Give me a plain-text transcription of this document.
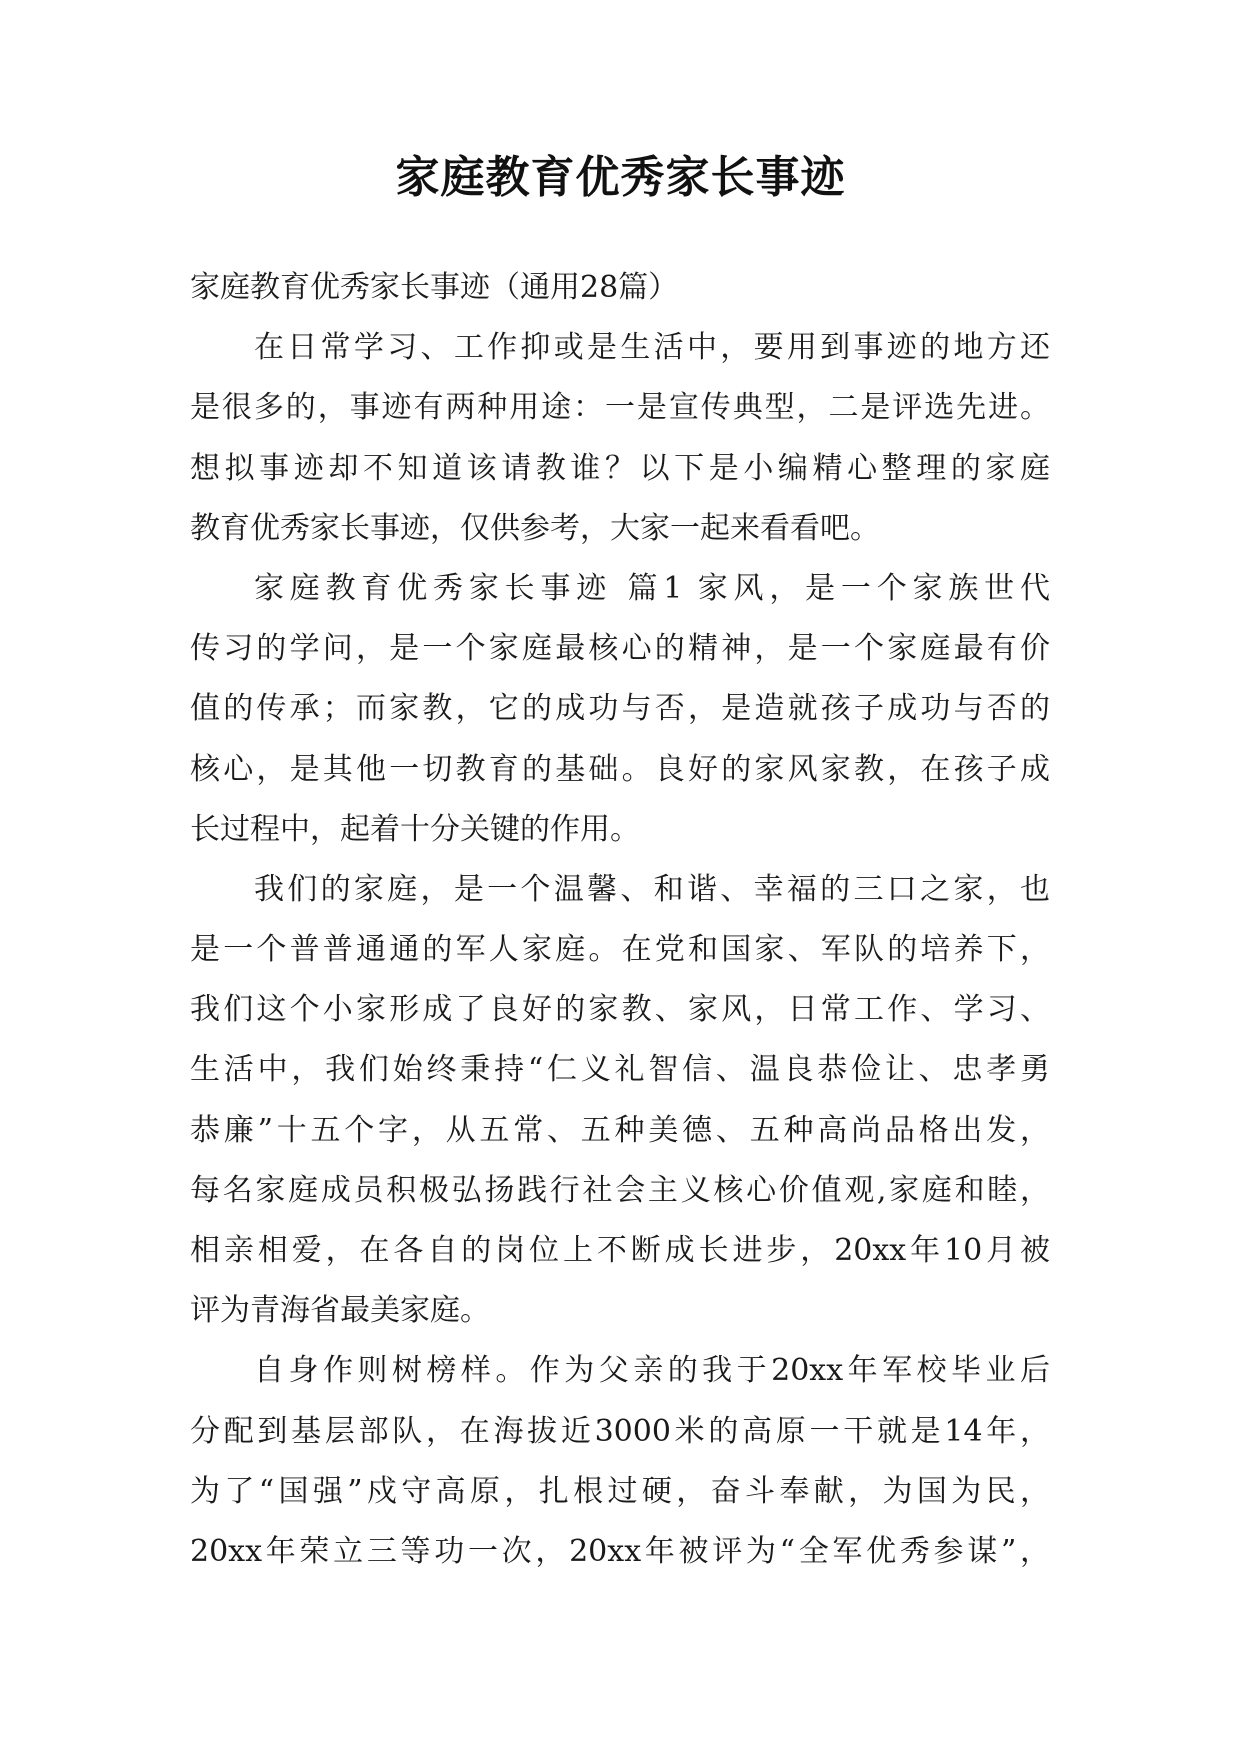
家庭教育优秀家长事迹
家庭教育优秀家长事迹（通用28篇）
在日常学习、工作抑或是生活中，要用到事迹的地方还
是很多的，事迹有两种用途：一是宣传典型，二是评选先进。
想拟事迹却不知道该请教谁？以下是小编精心整理的家庭
教育优秀家长事迹，仅供参考，大家一起来看看吧。
家庭教育优秀家长事迹 篇1 家风，是一个家族世代
传习的学问，是一个家庭最核心的精神，是一个家庭最有价
值的传承；而家教，它的成功与否，是造就孩子成功与否的
核心，是其他一切教育的基础。良好的家风家教，在孩子成
长过程中，起着十分关键的作用。
我们的家庭，是一个温馨、和谐、幸福的三口之家，也
是一个普普通通的军人家庭。在党和国家、军队的培养下，
我们这个小家形成了良好的家教、家风，日常工作、学习、
生活中，我们始终秉持“仁义礼智信、温良恭俭让、忠孝勇
恭廉”十五个字，从五常、五种美德、五种高尚品格出发，
每名家庭成员积极弘扬践行社会主义核心价值观,家庭和睦，
相亲相爱，在各自的岗位上不断成长进步，20xx年10月被
评为青海省最美家庭。
自身作则树榜样。作为父亲的我于20xx年军校毕业后
分配到基层部队，在海拔近3000米的高原一干就是14年，
为了“国强”戍守高原，扎根过硬，奋斗奉献，为国为民，
20xx年荣立三等功一次，20xx年被评为“全军优秀参谋”，
